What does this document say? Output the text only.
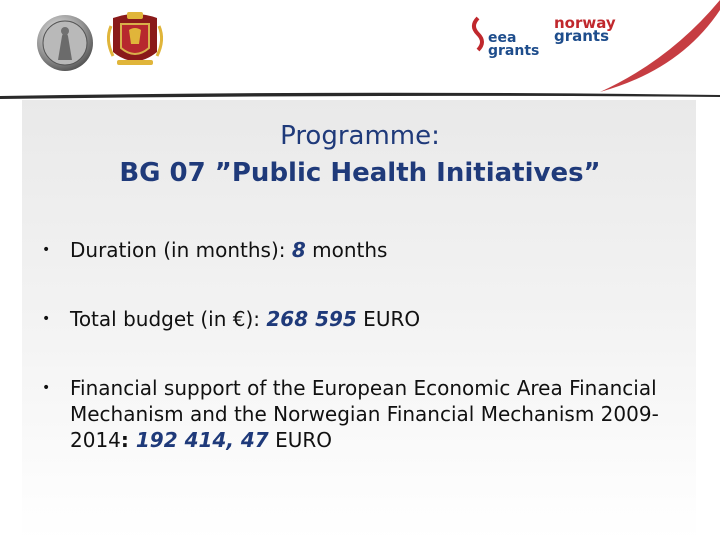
eea
grants
norway
grants
Programme:
BG 07 ”Public Health Initiatives”
• Duration (in months): 8 months
• Total budget (in €): 268 595 EURO
• Financial support of the European Economic Area Financial Mechanism and the Norwegian Financial Mechanism 2009-2014: 192 414, 47 EURO
